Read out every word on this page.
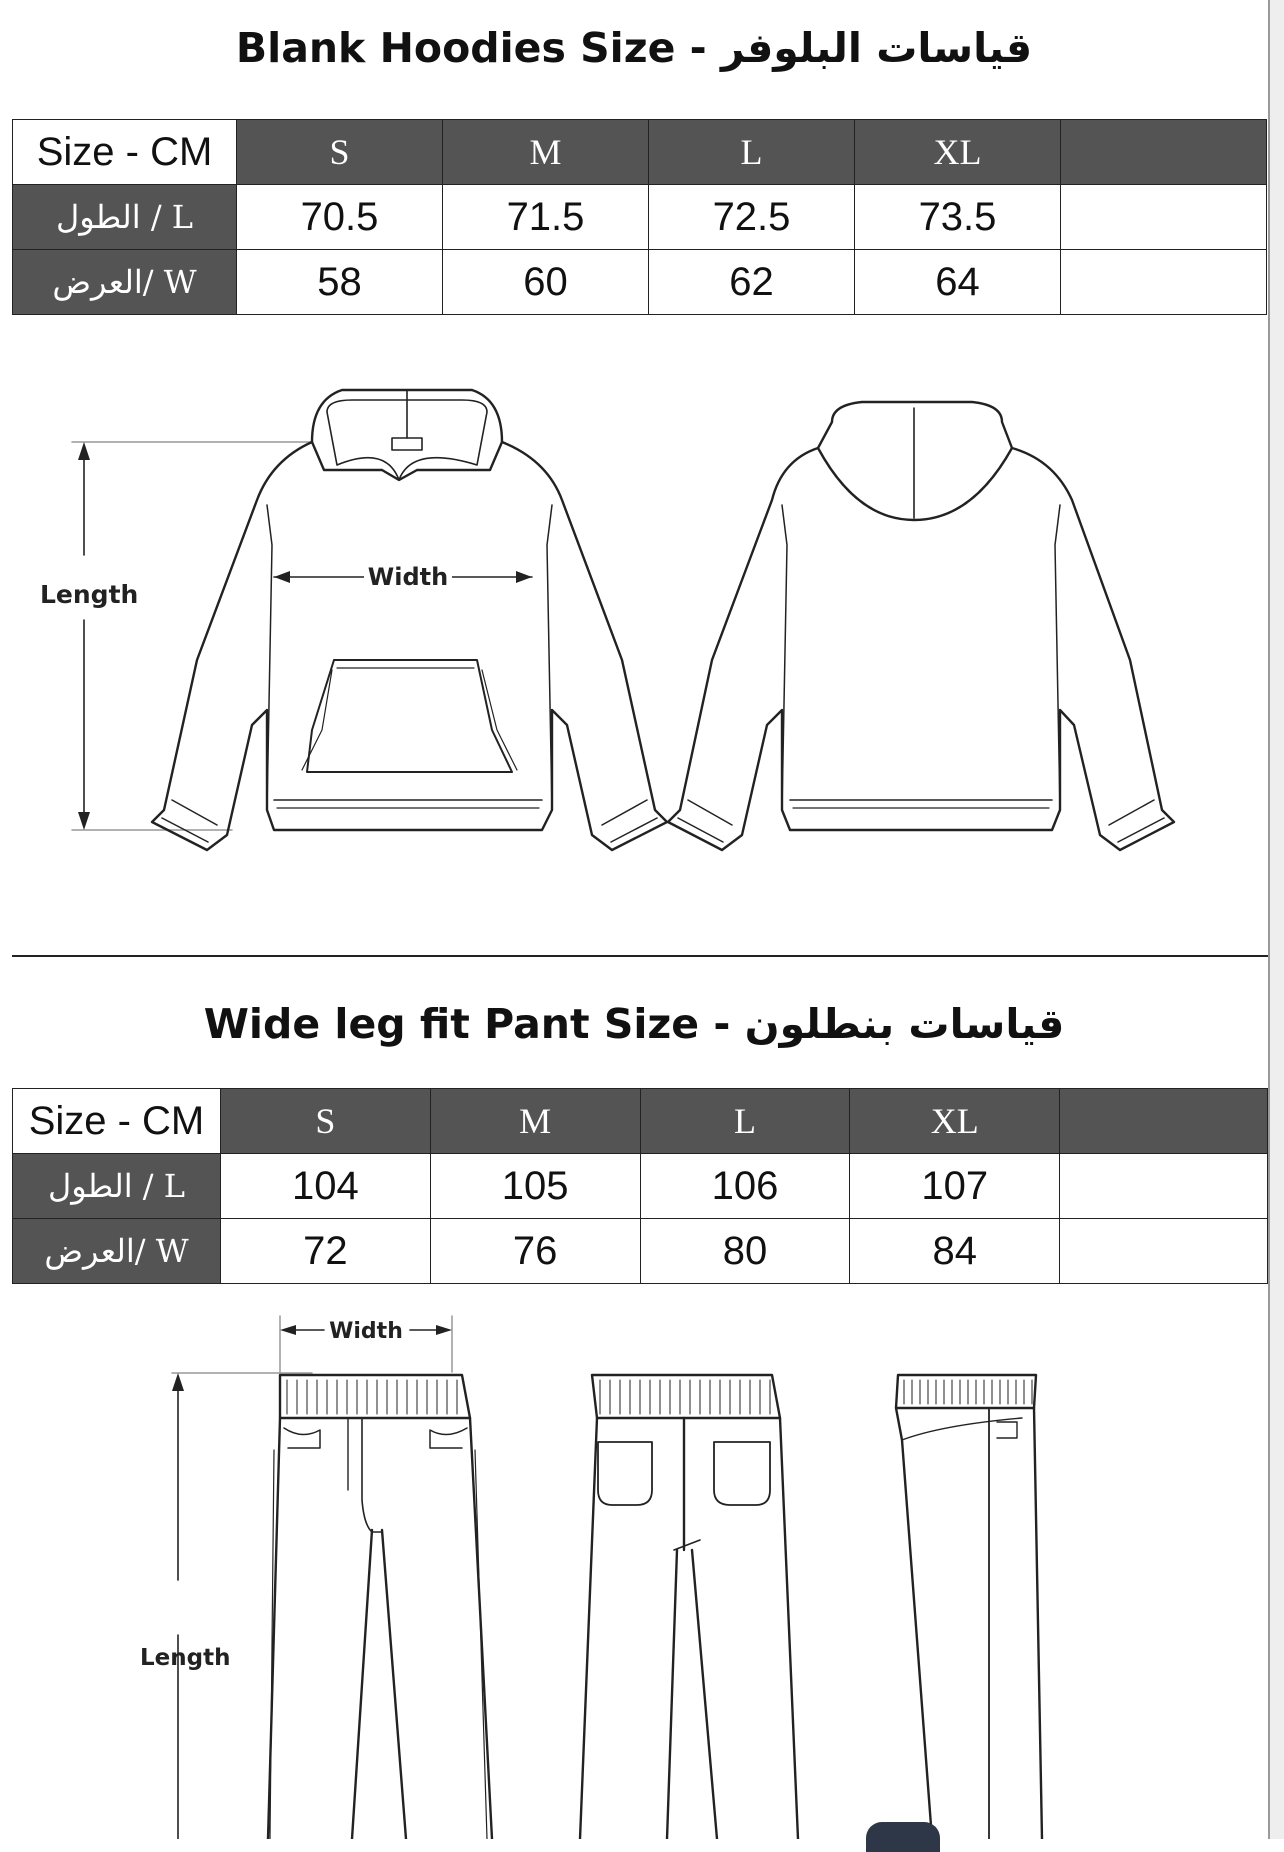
Blank Hoodies Size - قياسات البلوفر
Size - CM	S	M	L	XL	
L / الطول	70.5	71.5	72.5	73.5	
W /العرض	58	60	62	64	
Length
Width
Wide leg fit Pant Size - قياسات بنطلون
Size - CM	S	M	L	XL	
L / الطول	104	105	106	107	
W /العرض	72	76	80	84	
Width
Length
